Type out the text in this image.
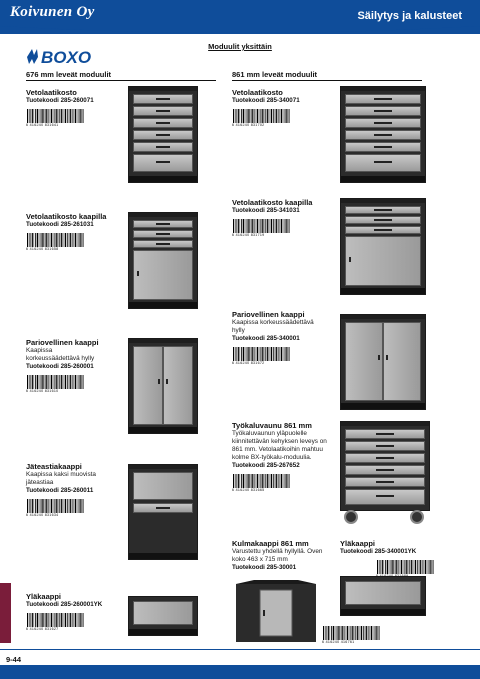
Koivunen Oy	Säilytys ja kalusteet
BOXO
Moduulit yksittäin
676 mm leveät moduulit	861 mm leveät moduulit
Vetolaatikosto
Tuotekoodi 285-260071
6 416240 831641
Vetolaatikosto kaapilla
Tuotekoodi 285-261031
6 416240 831658
Pariovellinen kaappi
Kaapissa korkeussäädettävä hylly
Tuotekoodi 285-260001
6 416240 831610
Jäteastiakaappi
Kaapissa kaksi muovista jäteastiaa
Tuotekoodi 285-260011
6 416240 831634
Yläkaappi
Tuotekoodi 285-260001YK
6 416240 831627
Vetolaatikosto
Tuotekoodi 285-340071
6 416240 831702
Vetolaatikosto kaapilla
Tuotekoodi 285-341031
6 416240 831719
Pariovellinen kaappi
Kaapissa korkeussäädettävä hylly
Tuotekoodi 285-340001
6 416240 831672
Työkaluvaunu 861 mm
Työkaluvaunun yläpuolelle kiinnitettävän kehyksen leveys on 861 mm. Vetolaatikoihin mahtuu kolme BX-työkalu-moduulia.
Tuotekoodi 285-267652
6 416240 831665
Kulmakaappi 861 mm
Varustettu yhdellä hyllyllä. Oven koko 463 x 715 mm
Tuotekoodi 285-30001
Yläkaappi
Tuotekoodi 285-340001YK
6 416240 416761
9-44
